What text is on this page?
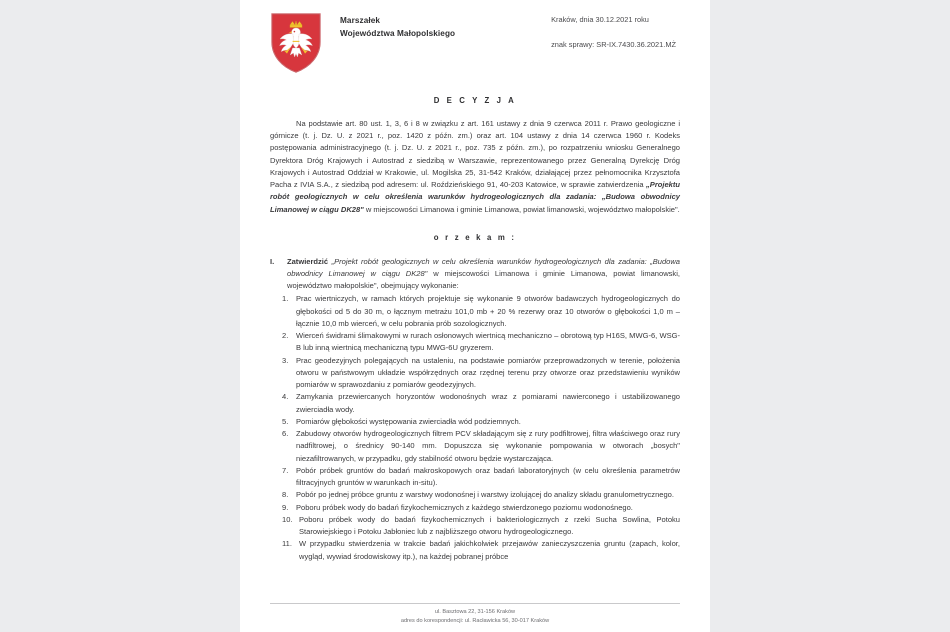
Marszałek
Województwa Małopolskiego
Kraków, dnia 30.12.2021 roku
znak sprawy: SR-IX.7430.36.2021.MŻ
D E C Y Z J A

Na podstawie art. 80 ust. 1, 3, 6 i 8 w związku z art. 161 ustawy z dnia 9 czerwca 2011 r. Prawo geologiczne i górnicze (t. j. Dz. U. z 2021 r., poz. 1420 z późn. zm.) oraz art. 104 ustawy z dnia 14 czerwca 1960 r. Kodeks postępowania administracyjnego (t. j. Dz. U. z 2021 r., poz. 735 z późn. zm.), po rozpatrzeniu wniosku Generalnego Dyrektora Dróg Krajowych i Autostrad z siedzibą w Warszawie, reprezentowanego przez Generalną Dyrekcję Dróg Krajowych i Autostrad Oddział w Krakowie, ul. Mogilska 25, 31-542 Kraków, działającej przez pełnomocnika Krzysztofa Pacha z IVIA S.A., z siedzibą pod adresem: ul. Roździeńskiego 91, 40-203 Katowice, w sprawie zatwierdzenia „Projektu robót geologicznych w celu określenia warunków hydrogeologicznych dla zadania: „Budowa obwodnicy Limanowej w ciągu DK28" w miejscowości Limanowa i gminie Limanowa, powiat limanowski, województwo małopolskie".

o r z e k a m :
I.	Zatwierdzić „Projekt robót geologicznych w celu określenia warunków hydrogeologicznych dla zadania: „Budowa obwodnicy Limanowej w ciągu DK28" w miejscowości Limanowa i gminie Limanowa, powiat limanowski, województwo małopolskie", obejmujący wykonanie:
1.	Prac wiertniczych, w ramach których projektuje się wykonanie 9 otworów badawczych hydrogeologicznych do głębokości od 5 do 30 m, o łącznym metrażu 101,0 mb + 20 % rezerwy oraz 10 otworów o głębokości 1,0 m – łącznie 10,0 mb wierceń, w celu pobrania prób sozologicznych.
2.	Wierceń świdrami ślimakowymi w rurach osłonowych wiertnicą mechaniczno – obrotową typ H16S, MWG-6, WSG-B lub inną wiertnicą mechaniczną typu MWG-6U gryzerem.
3.	Prac geodezyjnych polegających na ustaleniu, na podstawie pomiarów przeprowadzonych w terenie, położenia otworu w państwowym układzie współrzędnych oraz rzędnej terenu przy otworze oraz przedstawieniu wyników pomiarów w sprawozdaniu z pomiarów geodezyjnych.
4.	Zamykania przewiercanych horyzontów wodonośnych wraz z pomiarami nawierconego i ustabilizowanego zwierciadła wody.
5.	Pomiarów głębokości występowania zwierciadła wód podziemnych.
6.	Zabudowy otworów hydrogeologicznych filtrem PCV składającym się z rury podfiltrowej, filtra właściwego oraz rury nadfiltrowej, o średnicy 90-140 mm. Dopuszcza się wykonanie pompowania w otworach „bosych" niezafiltrowanych, w przypadku, gdy stabilność otworu będzie wystarczająca.
7.	Pobór próbek gruntów do badań makroskopowych oraz badań laboratoryjnych (w celu określenia parametrów filtracyjnych gruntów w warunkach in-situ).
8.	Pobór po jednej próbce gruntu z warstwy wodonośnej i warstwy izolującej do analizy składu granulometrycznego.
9.	Poboru próbek wody do badań fizykochemicznych z każdego stwierdzonego poziomu wodonośnego.
10. Poboru próbek wody do badań fizykochemicznych i bakteriologicznych z rzeki Sucha Sowlina, Potoku Starowiejskiego i Potoku Jabłoniec lub z najbliższego otworu hydrogeologicznego.
11. W przypadku stwierdzenia w trakcie badań jakichkolwiek przejawów zanieczyszczenia gruntu (zapach, kolor, wygląd, wywiad środowiskowy itp.), na każdej pobranej próbce
ul. Basztowa 22, 31-156 Kraków
adres do korespondencji: ul. Racławicka 56, 30-017 Kraków
